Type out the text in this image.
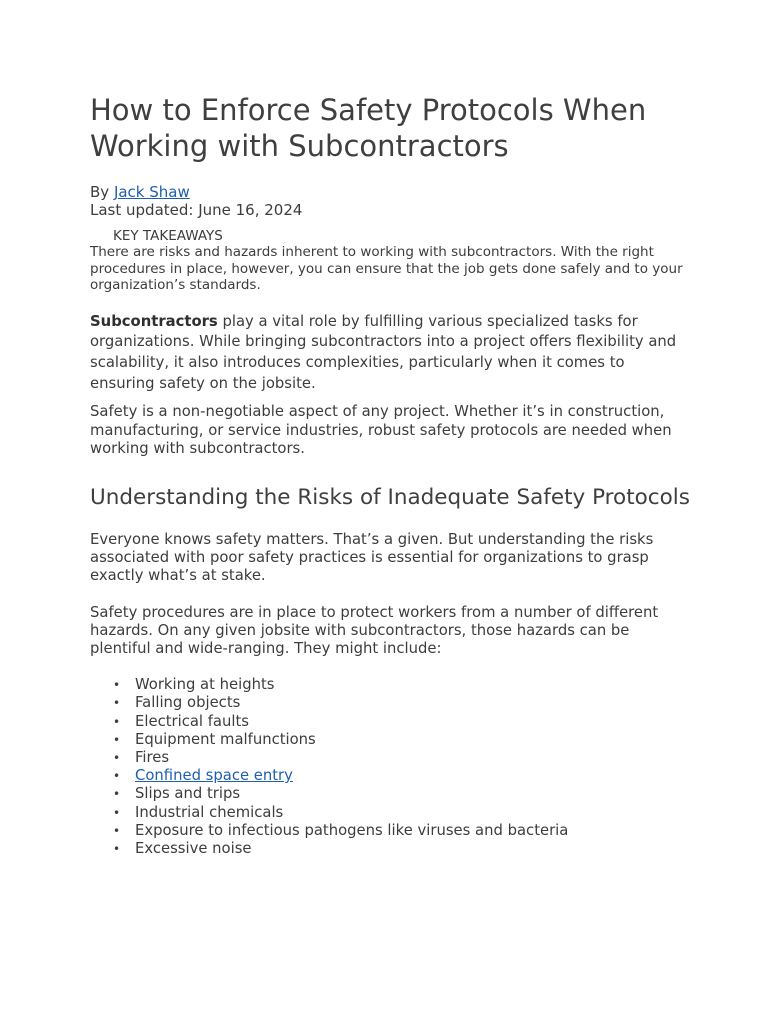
How to Enforce Safety Protocols When Working with Subcontractors
By Jack Shaw
Last updated: June 16, 2024
KEY TAKEAWAYS
There are risks and hazards inherent to working with subcontractors. With the right procedures in place, however, you can ensure that the job gets done safely and to your organization’s standards.

Subcontractors play a vital role by fulfilling various specialized tasks for organizations. While bringing subcontractors into a project offers flexibility and scalability, it also introduces complexities, particularly when it comes to ensuring safety on the jobsite.

Safety is a non-negotiable aspect of any project. Whether it’s in construction, manufacturing, or service industries, robust safety protocols are needed when working with subcontractors.

Understanding the Risks of Inadequate Safety Protocols

Everyone knows safety matters. That’s a given. But understanding the risks associated with poor safety practices is essential for organizations to grasp exactly what’s at stake.

Safety procedures are in place to protect workers from a number of different hazards. On any given jobsite with subcontractors, those hazards can be plentiful and wide-ranging. They might include:

• Working at heights
• Falling objects
• Electrical faults
• Equipment malfunctions
• Fires
• Confined space entry
• Slips and trips
• Industrial chemicals
• Exposure to infectious pathogens like viruses and bacteria
• Excessive noise
